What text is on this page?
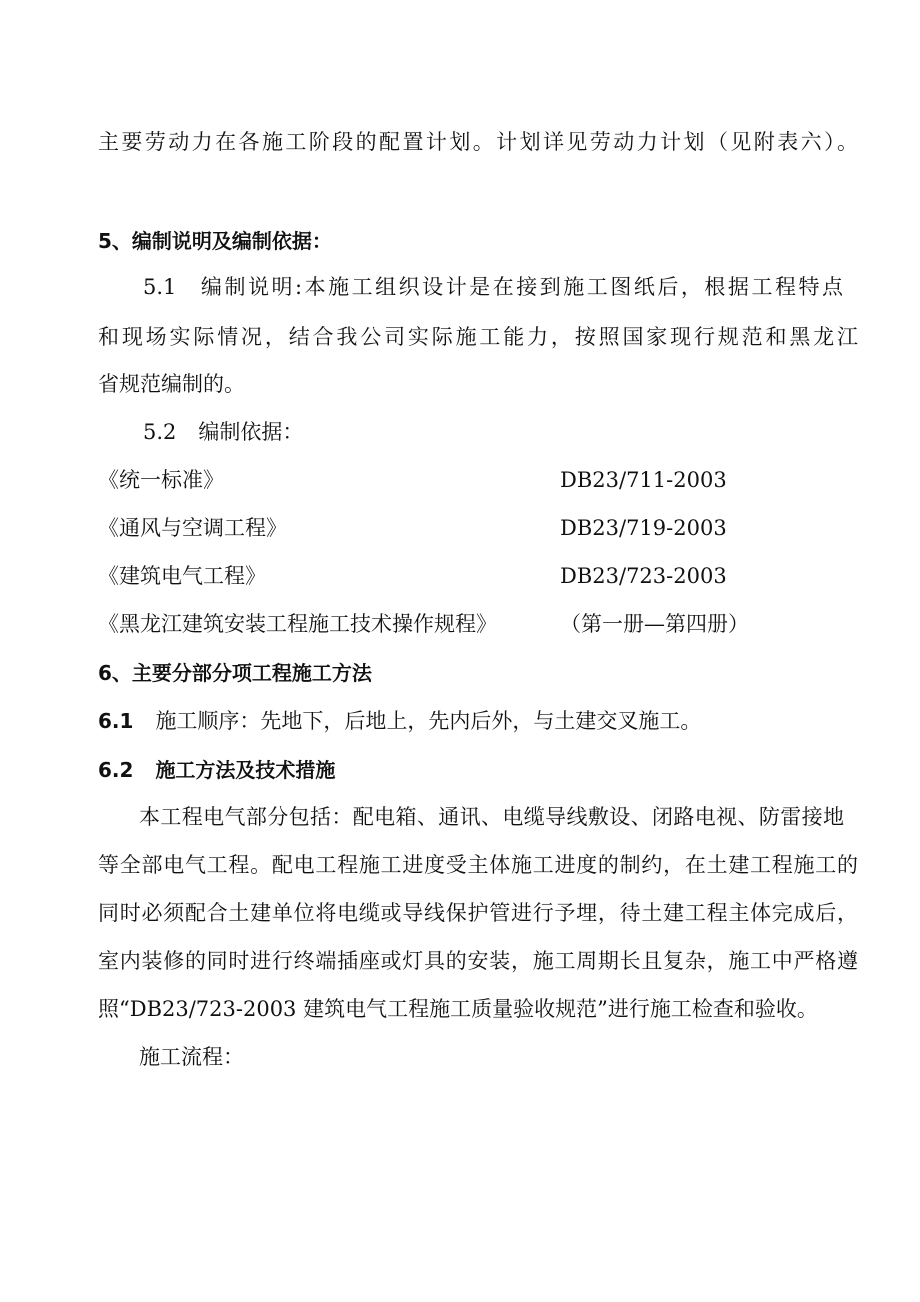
主要劳动力在各施工阶段的配置计划。计划详见劳动力计划（见附表六）。
5、编制说明及编制依据：
5.1 编制说明:本施工组织设计是在接到施工图纸后，根据工程特点
和现场实际情况，结合我公司实际施工能力，按照国家现行规范和黑龙江
省规范编制的。
5.2 编制依据：
《统一标准》	DB23/711-2003
《通风与空调工程》	DB23/719-2003
《建筑电气工程》	DB23/723-2003
《黑龙江建筑安装工程施工技术操作规程》	（第一册—第四册）
6、主要分部分项工程施工方法
6.1 施工顺序：先地下，后地上，先内后外，与土建交叉施工。
6.2 施工方法及技术措施
本工程电气部分包括：配电箱、通讯、电缆导线敷设、闭路电视、防雷接地
等全部电气工程。配电工程施工进度受主体施工进度的制约，在土建工程施工的
同时必须配合土建单位将电缆或导线保护管进行予埋，待土建工程主体完成后，
室内装修的同时进行终端插座或灯具的安装，施工周期长且复杂，施工中严格遵
照“DB23/723-2003 建筑电气工程施工质量验收规范”进行施工检查和验收。
施工流程：
